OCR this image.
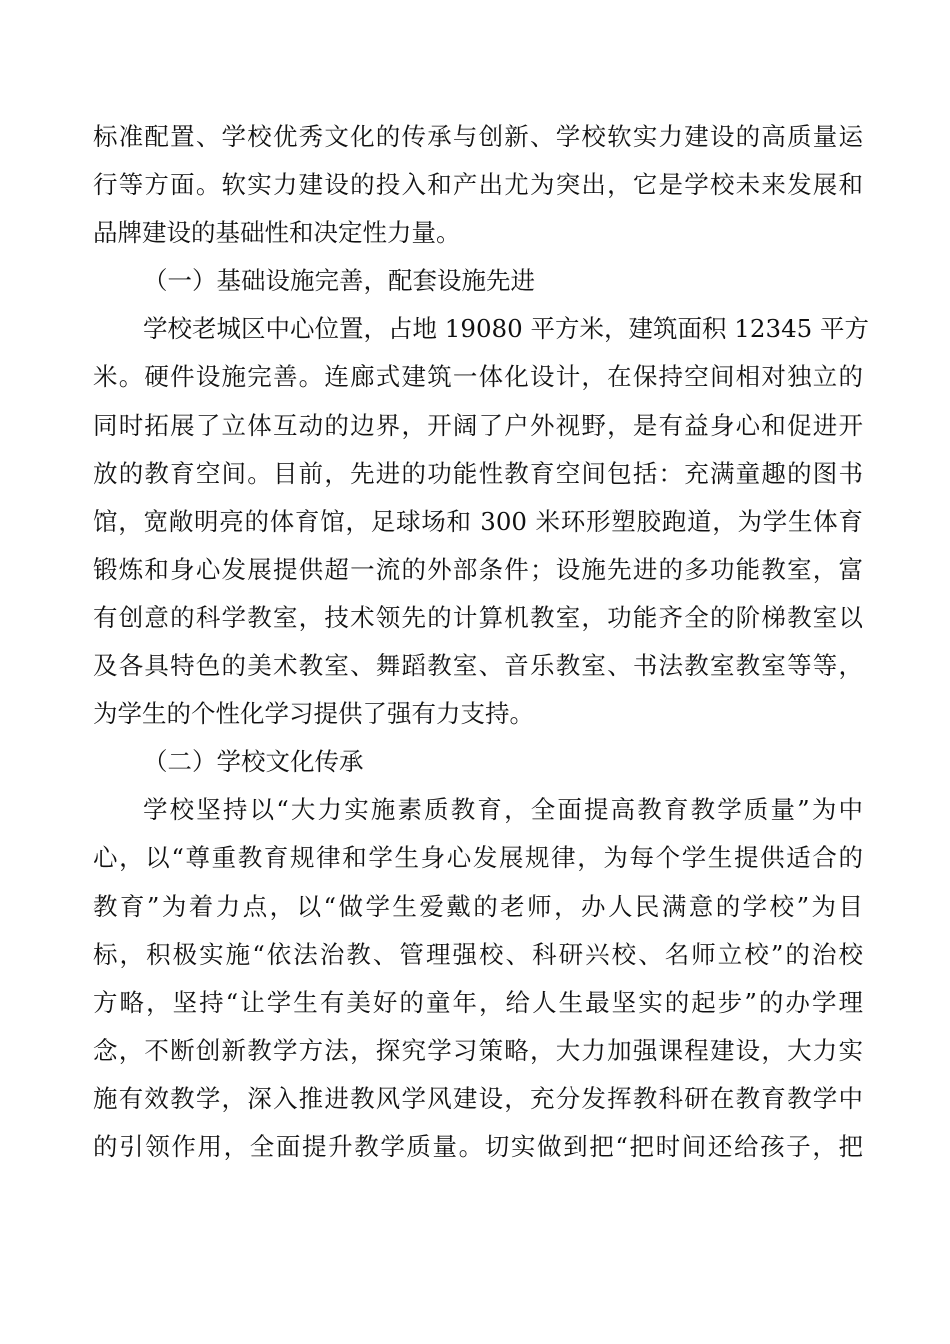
标准配置、学校优秀文化的传承与创新、学校软实力建设的高质量运
行等方面。软实力建设的投入和产出尤为突出，它是学校未来发展和
品牌建设的基础性和决定性力量。
（一）基础设施完善，配套设施先进
学校老城区中心位置，占地 19080 平方米，建筑面积 12345 平方
米。硬件设施完善。连廊式建筑一体化设计，在保持空间相对独立的
同时拓展了立体互动的边界，开阔了户外视野，是有益身心和促进开
放的教育空间。目前，先进的功能性教育空间包括：充满童趣的图书
馆，宽敞明亮的体育馆，足球场和 300 米环形塑胶跑道，为学生体育
锻炼和身心发展提供超一流的外部条件；设施先进的多功能教室，富
有创意的科学教室，技术领先的计算机教室，功能齐全的阶梯教室以
及各具特色的美术教室、舞蹈教室、音乐教室、书法教室教室等等，
为学生的个性化学习提供了强有力支持。
（二）学校文化传承
学校坚持以“大力实施素质教育，全面提高教育教学质量”为中
心，以“尊重教育规律和学生身心发展规律，为每个学生提供适合的
教育”为着力点，以“做学生爱戴的老师，办人民满意的学校”为目
标，积极实施“依法治教、管理强校、科研兴校、名师立校”的治校
方略，坚持“让学生有美好的童年，给人生最坚实的起步”的办学理
念，不断创新教学方法，探究学习策略，大力加强课程建设，大力实
施有效教学，深入推进教风学风建设，充分发挥教科研在教育教学中
的引领作用，全面提升教学质量。切实做到把“把时间还给孩子，把
